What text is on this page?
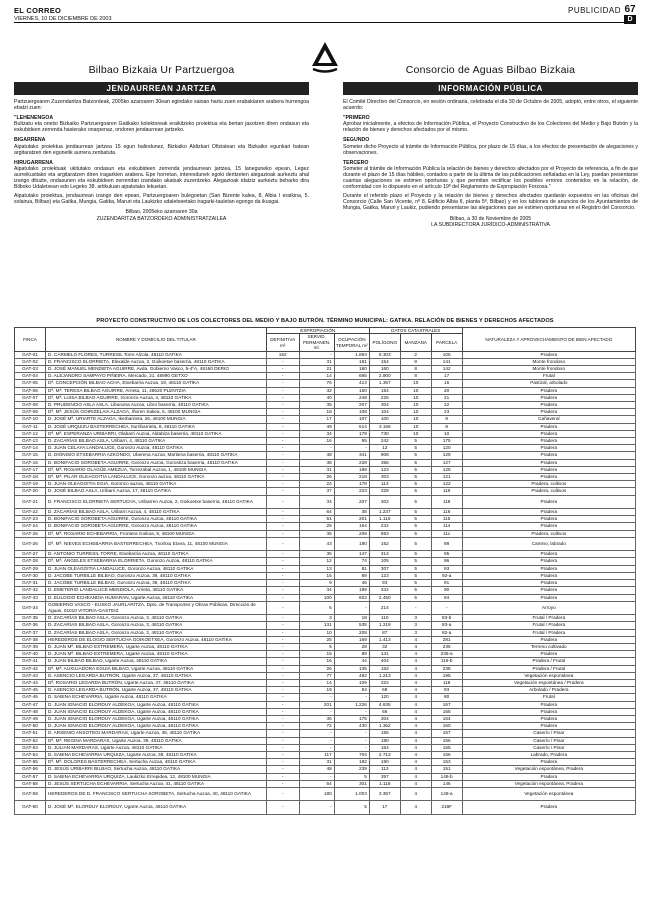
EL CORREO
VIERNES, 10 DE DICIEMBRE DE 2003
PUBLICIDAD 67
D
Bilbao Bizkaia Ur Partzuergoa
JENDAURREAN JARTZEA

Partzuergoaren Zuzendaritza Batzordeak, 2005ko azaroaren 30ean egindako saioan hartu zuen erabakiaren arabera hurrengoa ebatzi zuen:

"LEHENENGOA

Bultzatu eta onetsi Bizkaiko Partzuergoaren Gatikako kolektoreak eraikitzeko proiektua eta bertan jasotzen diren ondasun eta eskubideen zerrenda hasierako onarpenaz, ondoren jendaurrean jartzeko.

BIGARRENA

Aipatutako proiektua jendaurrean jartzea 15 egun baliodunez, Bizkaiko Aldizkari Ofizialean eta Bizkaiko egunkari batean argitaratzen den egunetik aurrera zenbatuta.

HIRUGARRENA

Aipatutako proiektuak ukitutako ondasun eta eskubideen zerrenda jendaurrean jartzea, 15 laneguneko epean, Legez aurreikusitako eta argitaratzen diren iragarkien arabera. Epe horretan, interesdunek egoki deritzeten alegazioak aurkeztu ahal izango dituzte, ondasunen eta eskubideen zerrendan izandako akatsak zuzentzeko. Alegazioak idatziz aurkeztu beharko dira Bilboko Udaletxean edo Legeko 38. artikuluan aipatutako lekuetan.

Aipatutako proiektua, jendaurrean izango den epean, Partzuergoaren bulegoetan (San Bizente kalea, 8, Albia I eraikina, 5. solairua, Bilbao) eta Gatika, Mungia, Gatika, Maruri eta Laukizko udaletxeetako iragarki-tauletan egongo da ikusgai.

Bilbao, 2005eko azaroaren 30a
ZUZENDARITZA BATZORDEKO ADMINISTRATZAILEA
Consorcio de Aguas Bilbao Bizkaia
INFORMACIÓN PÚBLICA

El Comité Directivo del Consorcio, en sesión ordinaria, celebrada el día 30 de Octubre de 2005, adoptó, entre otros, el siguiente acuerdo:

"PRIMERO

Aprobar inicialmente, a efectos de Información Pública, el Proyecto Constructivo de los Colectores del Medio y Bajo Butrón y la relación de bienes y derechos afectados por el mismo.

SEGUNDO

Someter dicho Proyecto al trámite de Información Pública, por plazo de 15 días, a los efectos de presentación de alegaciones y observaciones.

TERCERO

Someter al trámite de Información Pública la relación de bienes y derechos afectados por el Proyecto de referencia, a fin de que durante el plazo de 15 días hábiles, contados a partir de la última de las publicaciones señaladas en la Ley, puedan presentarse cuantas alegaciones se estimen oportunas y que permitan rectificar los posibles errores contenidos en la relación, de conformidad con lo dispuesto en el artículo 19º del Reglamento de Expropiación Forzosa."

Durante el referido plazo el Proyecto y la relación de bienes y derechos afectados quedarán expuestos en las oficinas del Consorcio (Calle San Vicente, nº 8, Edificio Albia II, planta 5ª, Bilbao) y en los tablones de anuncios de los Ayuntamientos de Mungia, Gatika, Maruri y Laukiz, pudiendo presentarse las alegaciones que se estimen oportunas en el Registro del Consorcio.

Bilbao, a 30 de Noviembre de 2005
LA SUBDIRECTORA JURÍDICO-ADMINISTRATIVA
PROYECTO CONSTRUCTIVO DE LOS COLECTORES DEL MEDIO Y BAJO BUTRÓN. TÉRMINO MUNICIPAL: GATIKA. RELACIÓN DE BIENES Y DERECHOS AFECTADOS
FINCA	NOMBRE Y DOMICILIO DEL TITULAR	EXPROPIACIÓN			DATOS CATASTRALES			NATURALEZA Y APROVECHAMIENTO DE BIEN AFECTADO
		DEFINITIVA m²	SERVID. PERMANEN. ml.	OCUPACIÓN TEMPORAL m²	POLÍGONO	MANZANA	PARCELA	
GAT-01	D. CARMELO FLORES, TURRESIL Torre Alzola, 48110 GATIKA	182	-	1.893	9.303	2	105	Pradera
GAT-02	D. FRANCISCO ELORRIETA, Elexalde Auzoa, 2, Goikoetxe baserria, 48110 GATIKA	-	31	181	154	8	141	Monte frondoso
GAT-03	D. JOSÉ MANUEL MENDIETA AGUIRRE, Avda. Gobierno Vasco, 5-4ºA, 48160 DERIO	-	21	160	160	8	142	Monte frondoso
GAT-04	D. ALEJANDRO SAMPAYO PIÑEIRA, Mercado, 21, 48990 GETXO	-	14	695	2.900	8	17	Frutal
GAT-05	Dª. CONCEPCIÓN BILBAO ACHA, Etxebarria Auzoa, 19, 48115 GATIKA	-	76	413	1.357	10	16	Pastizal, arbolado
GAT-06	Dª. Mª. TERESA BILBAO AGUIRRE, Arrieta, 11, 48620 PLENTZIA	-	32	150	154	10	20	Pradera
GAT-07	Dª. Mª. LUISA BILBAO AGUIRRE, Goronzo Auzoa, 4, 48110 GATIKA	-	40	248	225	10	21	Pradera
GAT-08	D. PRUDENCIO ASLA ASLA, Liburuina Auzoa, Libro baserria, 48110 GATIKA	-	35	207	304	10	22	Pradera
GAT-09	Dª. Mª. JESÚS GOIRIZELAIA ALZAGA, Iñoren Sakea, 6, 48100 MUNGIA	-	18	108	104	10	23	Pradera
GAT-10	D. JOSÉ Mª. URIARTE ALZAGA, Ikerbarrieta, 26, 48100 MUNGIA	-	17	107	100	10	8	Cañaveral
GAT-11	D. JOSÉ URQUIZU BASTERRECHEA, Iturribarrieta, 8, 48110 GATIKA	-	49	514	3.158	10	8	Pradera
GAT-12	Dª. Mª. ESPERANZA URIBARRI, Olabarri Auzoa, Aldabiza baserria, 48110 GATIKA	-	34	179	730	10	10	Pradera
GAT-13	D. ZACARÍAS BILBAO ASLA, Uribarri, 4, 48110 GATIKA	-	16	95	242	5	175	Pradera
GAT-14	D. JUAN CELAYA LANDALUCE, Goronzo Auzoa, 48110 GATIKA	-	-	-	12	5	120	Pradera
GAT-15	D. DIONISIO ETXEBARRIA AZKONDO, Uberena Auzoa, Martiena baserria, 48110 GATIKA	-	48	341	908	5	129	Pradera
GAT-16	D. BONIFACIO SOROBETA AGUIRRE, Goronzo Auzoa, Gorostiza baserria, 48110 GATIKA	-	38	228	356	5	127	Pradera
GAT-17	Dª. Mª. ROSARIO OLAGÜE AMEZUA, Torrezabal Auzoa, 1, 48100 MUNGIA	-	31	188	123	5	125	Pradera
GAT-18	Dª. Mª. PILAR OLEAGOITIA LANDALUCE, Goronzo auzoa, 48110 GATIKA	-	26	218	303	5	121	Pradera
GAT-19	D. JUAN OLEAGOITIA EGIA, Goronzo auzoa, 48110 GATIKA	-	24	178	113	5	122	Pradera, cultivos
GAT-20	D. JOSÉ BILBAO ASLA, Uribarri Auzoa, 17, 48110 GATIKA	-	37	223	328	5	119	Pradera, cultivos
GAT-21	D. FRANCISCO ELORRIETA SERTUCHA, Uribarren Auzoa, 2, Goikoetxe baserria, 48110 GATIKA	-	34	207	302	5	118	Pradera
GAT-22	D. ZACARÍAS BILBAO ASLA, Uribarri Auzoa, 4, 48110 GATIKA	-	64	38	1.237	5	116	Pradera
GAT-23	D. BONIFACIO SOROBETA AGUIRRE, Goronzo Auzoa, 48110 GATIKA	-	51	201	1.115	5	115	Pradera
GAT-24	D. BONIFACIO SOROBETA AGUIRRE, Goronzo Auzoa, 48110 GATIKA	-	25	164	242	5	114	Pradera
GAT-25	Dª. Mª. ROSARIO ECHEBARRIA, Frontera Goikoa, 8, 48100 MUNGIA	-	35	208	883	5	11c	Pradera, cultivos
GAT-26	Dª. Mª. NIEVES ECHEBARRIA BASTERRECHEA, Txoritxu Etxea, 11, 48100 MUNGIA	-	43	190	152	5	98	Camino, labrado
GAT-27	D. ANTONIO TURRESIL TORRE, Etxebarria Auzoa, 48110 GATIKA	-	35	147	314	5	95	Pradera
GAT-28	Dª. Mª. ÁNGELES ETXEBARRIA ELORRIETA, Goronzo Auzoa, 48110 GATIKA	-	12	74	105	5	96	Pradera
GAT-29	D. JUAN OLEAGOITIA LANDALUCE, Goronzo Auzoa, 48110 GATIKA	-	13	81	307	5	93	Pradera
GAT-30	D. JACOBE TURBILLE BILBAO, Goronzo Auzoa, 39, 48110 GATIKA	-	15	89	123	5	92-a	Pradera
GAT-31	D. JACOBE TURBILLE BILBAO, Goronzo Auzoa, 39, 48110 GATIKA	-	9	46	93	5	91	Pradera
GAT-32	D. EMETERIO LANDALUCE MENDIOLA, Arrieta, 48110 GATIKA	-	34	199	342	5	90	Pradera
GAT-33	D. EULOGIO ECHEANDIA HUMARAN, Ugarte Auzoa, 48110 GATIKA	-	100	602	2.450	5	84	Pradera
GAT-34	GOBIERNO VASCO - EUSKO JAURLARITZA, Dpto. de Transportes y Obras Públicas, Dirección de Aguas, 01010 VITORIA-GASTEIZ	-	6	-	214	-	-	Arroyo
GAT-35	D. ZACARÍAS BILBAO ASLA, Goronzo Auzoa, 3, 48110 GATIKA	-	3	18	110	3	83-b	Frutal / Pradera
GAT-36	D. ZACARÍAS BILBAO ASLA, Goronzo Auzoa, 3, 48110 GATIKA	-	131	535	1.219	3	83-a	Frutal / Pradera
GAT-37	D. ZACARÍAS BILBAO ASLA, Goronzo Auzoa, 3, 48110 GATIKA	-	10	208	87	3	82-a	Frutal / Pradera
GAT-38	HEREDEROS DE ELOGIO SERTUCHA GOIKOETXEA, Goronzo Auzoa, 48110 GATIKA	-	25	169	1.413	4	281	Pradera
GAT-39	D. JUAN Mª. BILBAO EXTREMERA, Ugarte Auzoa, 48110 GATIKA	-	5	28	32	4	236	Terreno cultivado
GAT-40	D. JUAN Mª. BILBAO EXTREMERA, Ugarte Auzoa, 48110 GATIKA	-	15	89	141	4	235-a	Pradera
GAT-41	D. JUAN BILBAO BILBAO, Ugarte Auzoa, 48110 GATIKA	-	16	44	404	4	116-b	Pradera / Frutal
GAT-42	Dª. Mª. AUXILIADORA EGUIA BILBAO, Ugarte Auzoa, 48110 GATIKA	-	26	135	162	4	238	Pradera / Frutal
GAT-43	D. ASENCIO LEGARDA BUTRÓN, Ugarte Auzoa, 37, 48110 GATIKA	-	77	482	1.213	4	195	Vegetación espontánea
GAT-44	Dª. ROSARIO LEGARDA BUTRÓN, Ugarte Auzoa, 37, 48110 GATIKA	-	14	109	322	4	118	Vegetación espontánea / Pradera
GAT-45	D. ASENCIO LEGARDA BUTRÓN, Ugarte Auzoa, 37, 48110 GATIKA	-	19	94	68	4	93	Arbolado / Pradera
GAT-46	D. SABINA ECHEVARRIA, Ugarte Auzoa, 48110 GATIKA	-	-	-	120	4	80	Frutal
GAT-47	D. JUAN IGNACIO ELORDUY ALDEKOA, Ugarte Auzoa, 48110 GATIKA	-	201	1.226	4.935	4	167	Pradera
GAT-48	D. JUAN IGNACIO ELORDUY ALDEKOA, Ugarte Auzoa, 48110 GATIKA	-	-	-	66	4	165	Pradera
GAT-49	D. JUAN IGNACIO ELORDUY ALDEKOA, Ugarte Auzoa, 48110 GATIKA	-	36	175	304	4	164	Pradera
GAT-50	D. JUAN IGNACIO ELORDUY ALDEKOA, Ugarte Auzoa, 48110 GATIKA	-	72	430	1.362	4	160	Pradera
GAT-51	D. ARSENIO ANSOTEGI MARDARAS, Ugarte Auzoa, 38, 48110 GATIKA	-	-	-	155	4	157	Caserío / Pinar
GAT-52	Dª. Mª. REGINA MARDARAS, Ugarte Auzoa, 39, 48110 GATIKA	-	-	-	180	4	156	Caserío / Pinar
GAT-53	D. JULIAN MARDARAS, Ugarte Auzoa, 48110 GATIKA	-	-	-	164	4	155	Caserío / Pinar
GAT-54	D. SABINA ECHEVARRIA URQUIZA, Ugarte Auzoa, 38, 48110 GATIKA	-	117	704	2.713	4	156	Labrado, Pradera
GAT-55	Dª. Mª. DOLORES BASTERRECHEA, Sertucha Auzoa, 48110 GATIKA	-	31	182	190	4	153	Pradera
GAT-56	D. JESÚS URIBARRI BILBAO, Sertucha Auzoa, 48110 GATIKA	-	48	239	113	4	151	Vegetación espontánea, Pradera
GAT-57	D. SABINA ECHEVARRIA URQUIZA, Laukizko Errepidea, 12, 48100 MUNGIA	-	-	5	357	4	148-b	Pradera
GAT-58	D. JESÚS SERTUCHA ECHEVARRIA, Sertucha Auzoa, 41, 48110 GATIKA	-	54	301	1.118	4	146	Vegetación espontánea, Pradera
GAT-59	HEREDEROS DE D. FRANCISCO SERTUCHA SOROBETA, Sertucha Auzoa, 40, 48110 GATIKA	-	180	1.003	3.357	4	148-a	Vegetación espontánea
GAT-60	D. JOSÉ Mª. ELORDUY ELORDUY, Ugarte Auzoa, 48110 GATIKA	-	-	5	17	4	218F	Pradera
